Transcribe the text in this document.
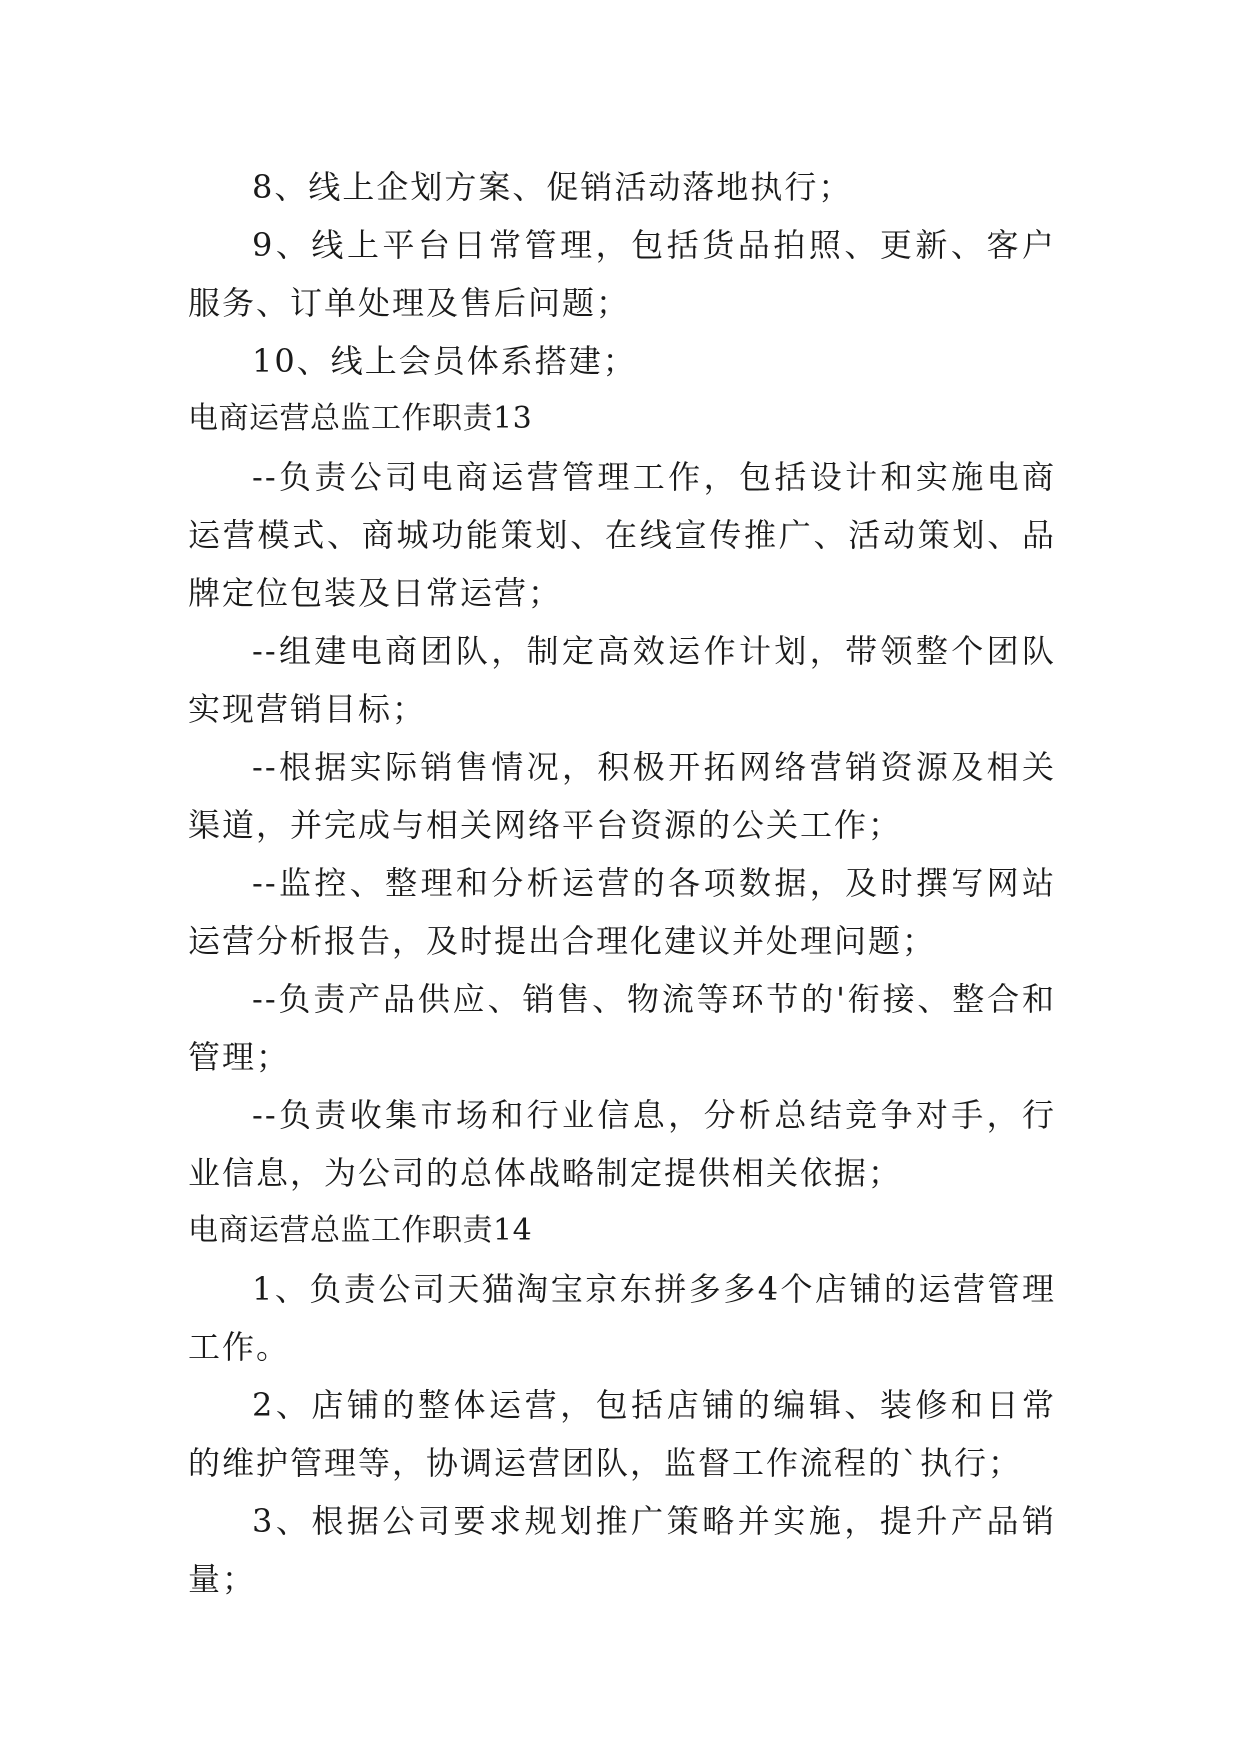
8、线上企划方案、促销活动落地执行；

9、线上平台日常管理，包括货品拍照、更新、客户服务、订单处理及售后问题；

10、线上会员体系搭建；

电商运营总监工作职责13

--负责公司电商运营管理工作，包括设计和实施电商运营模式、商城功能策划、在线宣传推广、活动策划、品牌定位包装及日常运营；

--组建电商团队，制定高效运作计划，带领整个团队实现营销目标；

--根据实际销售情况，积极开拓网络营销资源及相关渠道，并完成与相关网络平台资源的公关工作；

--监控、整理和分析运营的各项数据，及时撰写网站运营分析报告，及时提出合理化建议并处理问题；

--负责产品供应、销售、物流等环节的'衔接、整合和管理；

--负责收集市场和行业信息，分析总结竞争对手，行业信息，为公司的总体战略制定提供相关依据；

电商运营总监工作职责14

1、负责公司天猫淘宝京东拼多多4个店铺的运营管理工作。

2、店铺的整体运营，包括店铺的编辑、装修和日常的维护管理等，协调运营团队，监督工作流程的`执行；

3、根据公司要求规划推广策略并实施，提升产品销量；
